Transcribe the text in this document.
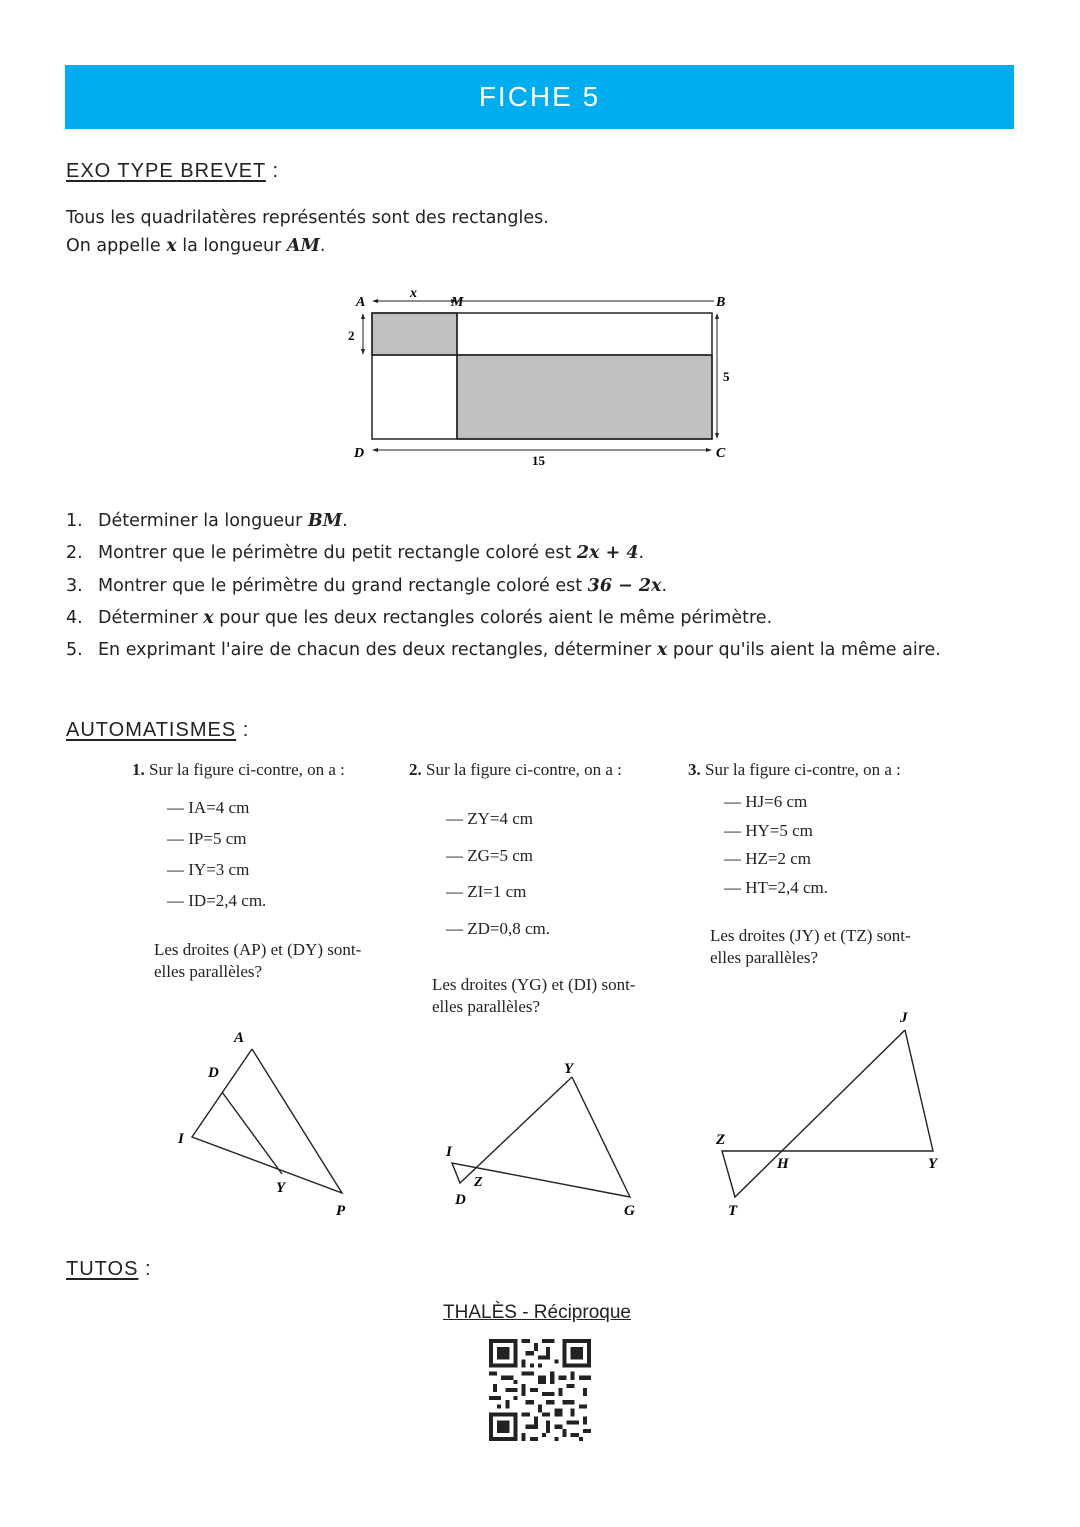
FICHE 5
EXO TYPE BREVET :
Tous les quadrilatères représentés sont des rectangles.
On appelle x la longueur AM.
A
x
M	B
D	C
2
5
15
1. Déterminer la longueur BM.
2. Montrer que le périmètre du petit rectangle coloré est 2x + 4.
3. Montrer que le périmètre du grand rectangle coloré est 36 − 2x.
4. Déterminer x pour que les deux rectangles colorés aient le même périmètre.
5. En exprimant l'aire de chacun des deux rectangles, déterminer x pour qu'ils aient la même aire.
AUTOMATISMES :
1. Sur la figure ci-contre, on a :
— IA=4 cm
— IP=5 cm
— IY=3 cm
— ID=2,4 cm.
Les droites (AP) et (DY) sont-
elles parallèles?
A
D
I
Y
P
2. Sur la figure ci-contre, on a :
— ZY=4 cm
— ZG=5 cm
— ZI=1 cm
— ZD=0,8 cm.
Les droites (YG) et (DI) sont-
elles parallèles?
Y
I
Z
D
G
3. Sur la figure ci-contre, on a :
— HJ=6 cm
— HY=5 cm
— HZ=2 cm
— HT=2,4 cm.
Les droites (JY) et (TZ) sont-
elles parallèles?
J
Z
H	Y
T
TUTOS :
THALÈS - Réciproque
